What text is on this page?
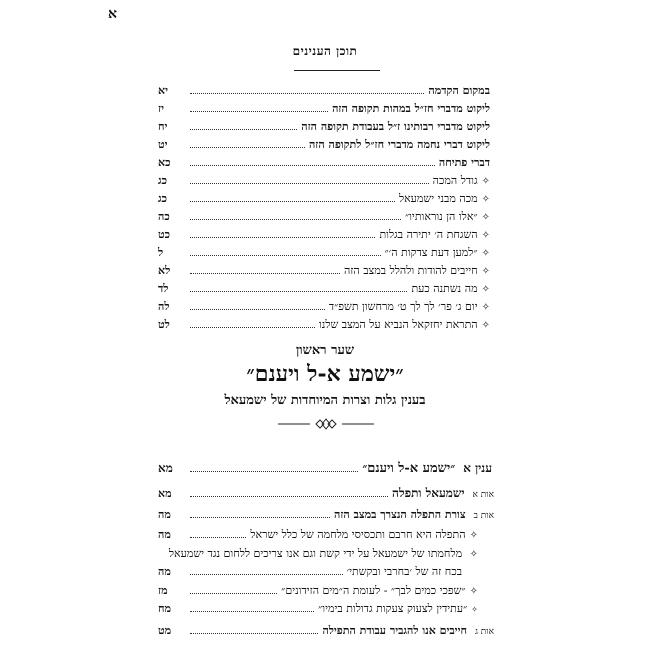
א
תוכן הענינים
במקום הקדמה
יא
ליקוט מדברי חז״ל במהות תקופה הזה
יז
ליקוט מדברי רבותינו ז״ל בעבודת תקופה הזה
יח
ליקוט דברי נחמה מדברי חז״ל לתקופה הזה
יט
דברי פתיחה
כא
✧
גודל המכה
כג
✧
מכה מבני ישמעאל
כג
✧
״אלו הן נוראותיו״
כה
✧
השגחת ה׳ יתירה בגלות
כט
✧
״למען דעת צדקות ה׳״
ל
✧
חייבים להודות ולהלל במצב הזה
לא
✧
מה נשתנה כעת
לד
✧
יום ג׳ פר׳ לך לך ט׳ מרחשון תשפ״ד
לה
✧
התראת יחזקאל הנביא על המצב שלנו
לט
שער ראשון
״ישמע א-ל ויענם״
בענין גלות וצרות המיוחדות של ישמעאל
ענין א
״ישמע א-ל ויענם״
מא
אות א
ישמעאל ותפלה
מא
אות ב
צורת התפלה הנצרך במצב הזה
מה
✧
התפלה היא חרבם ותכסיסי מלחמה של כלל ישראל
מה
✧ מלחמתו של ישמעאל על ידי קשת וגם אנו צריכים ללחום נגד ישמעאל
בכח זה של ׳בחרבי ובקשתי׳
מה
✧
״שפכי כמים לבך״ - לעומת ה״מים הזידונים״
מז
✧
״עתידין לצעוק צעקות גדולות בימיו״
מח
אות ג
חייבים אנו להגביר עבודת התפילה
מט
